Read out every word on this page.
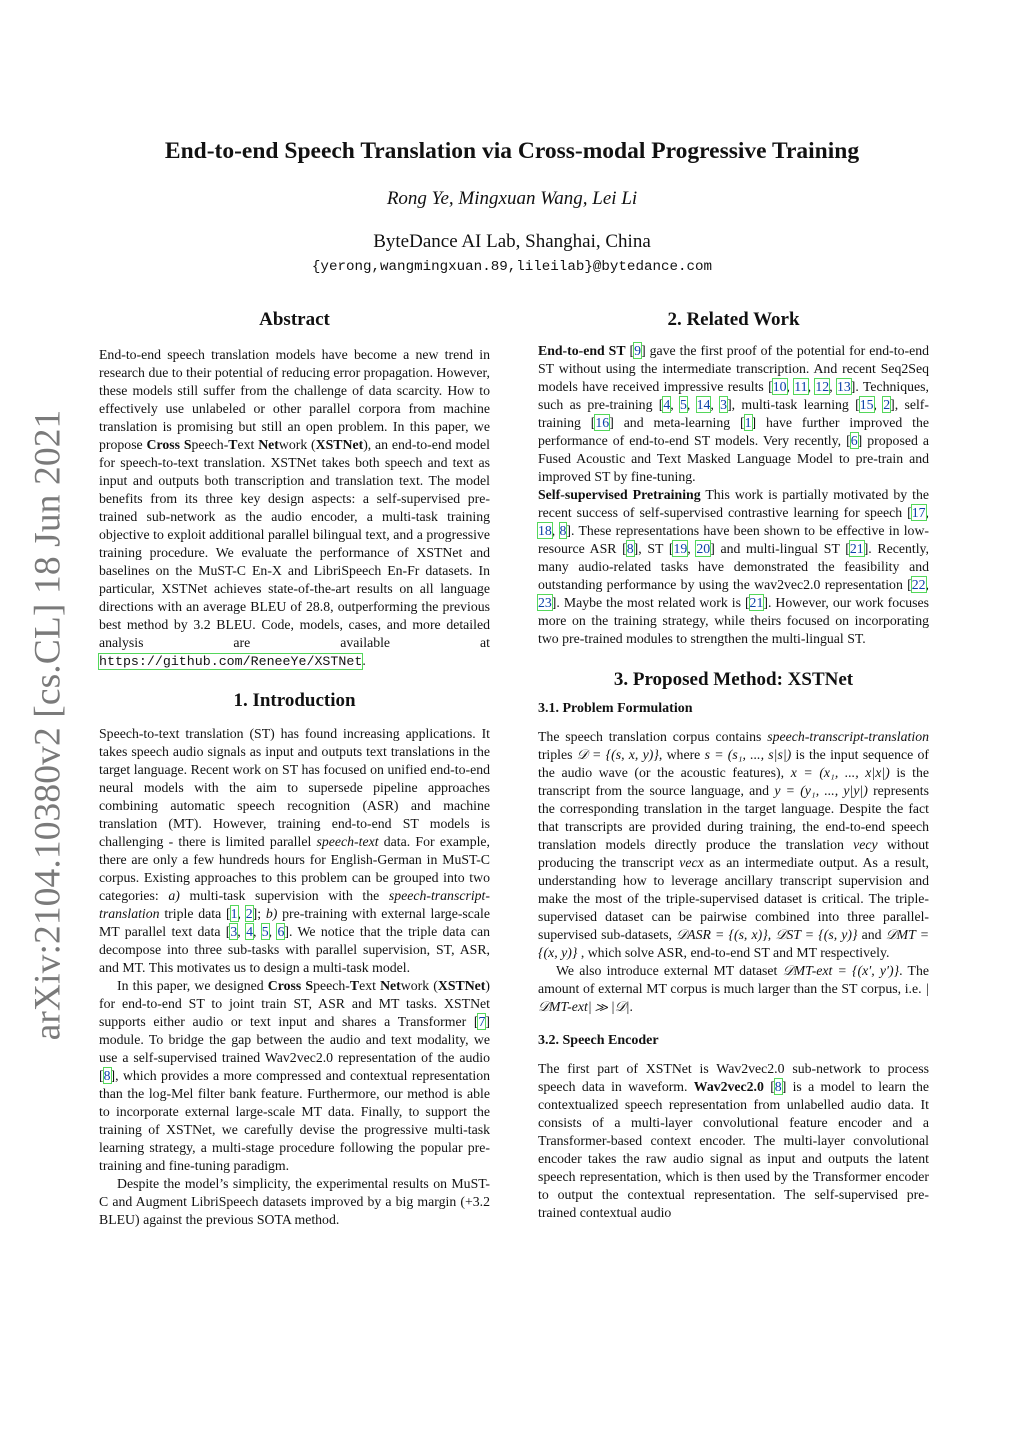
arXiv:2104.10380v2 [cs.CL] 18 Jun 2021
End-to-end Speech Translation via Cross-modal Progressive Training
Rong Ye, Mingxuan Wang, Lei Li
ByteDance AI Lab, Shanghai, China
{yerong,wangmingxuan.89,lileilab}@bytedance.com
Abstract

End-to-end speech translation models have become a new trend in research due to their potential of reducing error propagation. However, these models still suffer from the challenge of data scarcity. How to effectively use unlabeled or other parallel corpora from machine translation is promising but still an open problem. In this paper, we propose Cross Speech-Text Network (XSTNet), an end-to-end model for speech-to-text translation. XSTNet takes both speech and text as input and outputs both transcription and translation text. The model benefits from its three key design aspects: a self-supervised pre-trained sub-network as the audio encoder, a multi-task training objective to exploit additional parallel bilingual text, and a progressive training procedure. We evaluate the performance of XSTNet and baselines on the MuST-C En-X and LibriSpeech En-Fr datasets. In particular, XSTNet achieves state-of-the-art results on all language directions with an average BLEU of 28.8, outperforming the previous best method by 3.2 BLEU. Code, models, cases, and more detailed analysis are available at https://github.com/ReneeYe/XSTNet.

1. Introduction

Speech-to-text translation (ST) has found increasing applications. It takes speech audio signals as input and outputs text translations in the target language. Recent work on ST has focused on unified end-to-end neural models with the aim to supersede pipeline approaches combining automatic speech recognition (ASR) and machine translation (MT). However, training end-to-end ST models is challenging - there is limited parallel speech-text data. For example, there are only a few hundreds hours for English-German in MuST-C corpus. Existing approaches to this problem can be grouped into two categories: a) multi-task supervision with the speech-transcript-translation triple data [1, 2]; b) pre-training with external large-scale MT parallel text data [3, 4, 5, 6]. We notice that the triple data can decompose into three sub-tasks with parallel supervision, ST, ASR, and MT. This motivates us to design a multi-task model.

In this paper, we designed Cross Speech-Text Network (XSTNet) for end-to-end ST to joint train ST, ASR and MT tasks. XSTNet supports either audio or text input and shares a Transformer [7] module. To bridge the gap between the audio and text modality, we use a self-supervised trained Wav2vec2.0 representation of the audio [8], which provides a more compressed and contextual representation than the log-Mel filter bank feature. Furthermore, our method is able to incorporate external large-scale MT data. Finally, to support the training of XSTNet, we carefully devise the progressive multi-task learning strategy, a multi-stage procedure following the popular pre-training and fine-tuning paradigm.

Despite the model’s simplicity, the experimental results on MuST-C and Augment LibriSpeech datasets improved by a big margin (+3.2 BLEU) against the previous SOTA method.

2. Related Work

End-to-end ST [9] gave the first proof of the potential for end-to-end ST without using the intermediate transcription. And recent Seq2Seq models have received impressive results [10, 11, 12, 13]. Techniques, such as pre-training [4, 5, 14, 3], multi-task learning [15, 2], self-training [16] and meta-learning [1] have further improved the performance of end-to-end ST models. Very recently, [6] proposed a Fused Acoustic and Text Masked Language Model to pre-train and improved ST by fine-tuning.

Self-supervised Pretraining This work is partially motivated by the recent success of self-supervised contrastive learning for speech [17, 18, 8]. These representations have been shown to be effective in low-resource ASR [8], ST [19, 20] and multi-lingual ST [21]. Recently, many audio-related tasks have demonstrated the feasibility and outstanding performance by using the wav2vec2.0 representation [22, 23]. Maybe the most related work is [21]. However, our work focuses more on the training strategy, while theirs focused on incorporating two pre-trained modules to strengthen the multi-lingual ST.

3. Proposed Method: XSTNet
3.1. Problem Formulation

The speech translation corpus contains speech-transcript-translation triples 𝒟 = {(s, x, y)}, where s = (s₁, ..., s|s|) is the input sequence of the audio wave (or the acoustic features), x = (x₁, ..., x|x|) is the transcript from the source language, and y = (y₁, ..., y|y|) represents the corresponding translation in the target language. Despite the fact that transcripts are provided during training, the end-to-end speech translation models directly produce the translation vecy without producing the transcript vecx as an intermediate output. As a result, understanding how to leverage ancillary transcript supervision and make the most of the triple-supervised dataset is critical. The triple-supervised dataset can be pairwise combined into three parallel-supervised sub-datasets, 𝒟ASR = {(s, x)}, 𝒟ST = {(s, y)} and 𝒟MT = {(x, y)} , which solve ASR, end-to-end ST and MT respectively.

We also introduce external MT dataset 𝒟MT-ext = {(x′, y′)}. The amount of external MT corpus is much larger than the ST corpus, i.e. |𝒟MT-ext| ≫ |𝒟|.

3.2. Speech Encoder

The first part of XSTNet is Wav2vec2.0 sub-network to process speech data in waveform. Wav2vec2.0 [8] is a model to learn the contextualized speech representation from unlabelled audio data. It consists of a multi-layer convolutional feature encoder and a Transformer-based context encoder. The multi-layer convolutional encoder takes the raw audio signal as input and outputs the latent speech representation, which is then used by the Transformer encoder to output the contextual representation. The self-supervised pre-trained contextual audio
